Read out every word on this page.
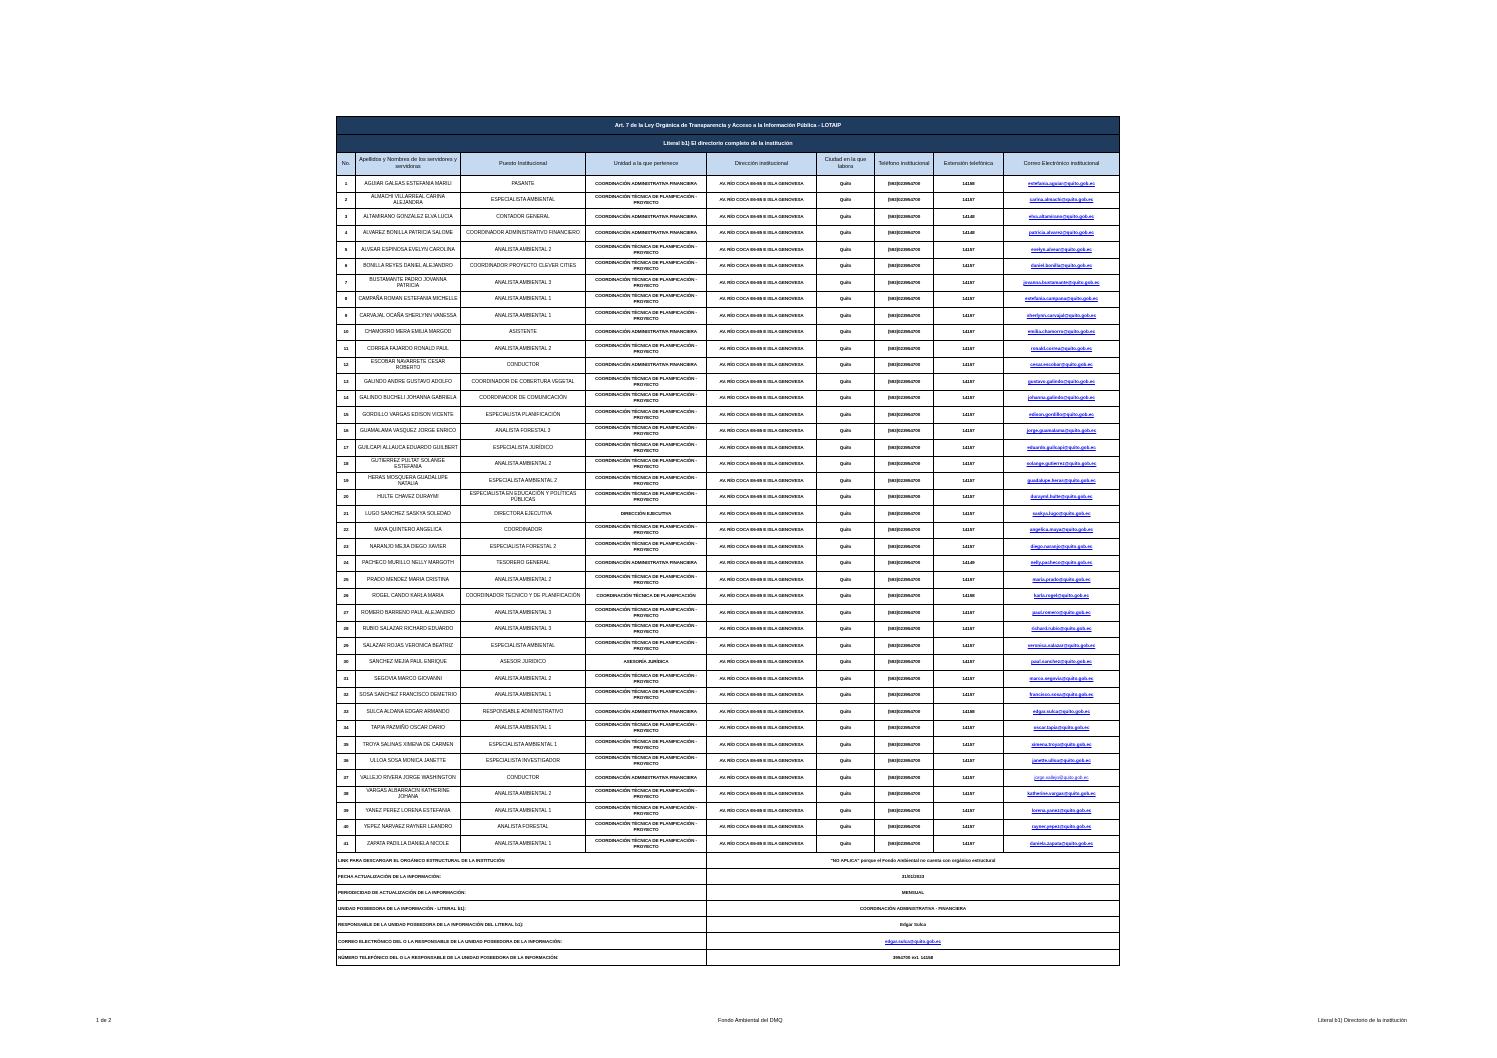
Art. 7 de la Ley Orgánica de Transparencia y Acceso a la Información Pública - LOTAIP								
Literal b1) El directorio completo de la institución								
No.	Apellidos y Nombres de los servidores y servidoras	Puesto Institucional	Unidad a la que pertenece	Dirección institucional	Ciudad en la que labora	Teléfono institucional	Extensión telefónica	Correo Electrónico institucional
1	AGUIAR GALEAS ESTEFANIA MARILI	PASANTE	COORDINACIÓN ADMINISTRATIVA FINANCIERA	AV. RÍO COCA E6-85 E ISLA GENOVESA	Quito	(593)023954700	14158	estefania.aguiar@quito.gob.ec
2	ALMACHI VILLARREAL CARINA ALEJANDRA	ESPECIALISTA AMBIENTAL	COORDINACIÓN TÉCNICA DE PLANIFICACIÓN - PROYECTO	AV. RÍO COCA E6-85 E ISLA GENOVESA	Quito	(593)023954700	14157	carina.almachi@quito.gob.ec
3	ALTAMIRANO GONZALEZ ELVA LUCIA	CONTADOR GENERAL	COORDINACIÓN ADMINISTRATIVA FINANCIERA	AV. RÍO COCA E6-85 E ISLA GENOVESA	Quito	(593)023954700	14148	elva.altamirano@quito.gob.ec
4	ALVAREZ BONILLA PATRICIA SALOME	COORDINADOR ADMINISTRATIVO FINANCIERO	COORDINACIÓN ADMINISTRATIVA FINANCIERA	AV. RÍO COCA E6-85 E ISLA GENOVESA	Quito	(593)023954700	14148	patricia.alvarez@quito.gob.ec
5	ALVEAR ESPINOSA EVELYN CAROLINA	ANALISTA AMBIENTAL 2	COORDINACIÓN TÉCNICA DE PLANIFICACIÓN - PROYECTO	AV. RÍO COCA E6-85 E ISLA GENOVESA	Quito	(593)023954700	14157	evelyn.alvear@quito.gob.ec
6	BONILLA REYES DANIEL ALEJANDRO	COORDINADOR PROYECTO CLEVER CITIES	COORDINACIÓN TÉCNICA DE PLANIFICACIÓN - PROYECTO	AV. RÍO COCA E6-85 E ISLA GENOVESA	Quito	(593)023954700	14157	daniel.bonilla@quito.gob.ec
7	BUSTAMANTE PADRO JOVANNA PATRICIA	ANALISTA AMBIENTAL 3	COORDINACIÓN TÉCNICA DE PLANIFICACIÓN - PROYECTO	AV. RÍO COCA E6-85 E ISLA GENOVESA	Quito	(593)023954700	14157	jovanna.bustamante@quito.gob.ec
8	CAMPAÑA ROMAN ESTEFANIA MICHELLE	ANALISTA AMBIENTAL 1	COORDINACIÓN TÉCNICA DE PLANIFICACIÓN - PROYECTO	AV. RÍO COCA E6-85 E ISLA GENOVESA	Quito	(593)023954700	14157	estefania.campana@quito.gob.ec
9	CARVAJAL OCAÑA SHERLYNN VANESSA	ANALISTA AMBIENTAL 1	COORDINACIÓN TÉCNICA DE PLANIFICACIÓN - PROYECTO	AV. RÍO COCA E6-85 E ISLA GENOVESA	Quito	(593)023954700	14157	sherlynn.carvajal@quito.gob.ec
10	CHAMORRO MERA EMILIA MARGOD	ASISTENTE	COORDINACIÓN ADMINISTRATIVA FINANCIERA	AV. RÍO COCA E6-85 E ISLA GENOVESA	Quito	(593)023954700	14157	emilia.chamorro@quito.gob.ec
11	CORREA FAJARDO RONALD PAUL	ANALISTA AMBIENTAL 2	COORDINACIÓN TÉCNICA DE PLANIFICACIÓN - PROYECTO	AV. RÍO COCA E6-85 E ISLA GENOVESA	Quito	(593)023954700	14157	ronald.correa@quito.gob.ec
12	ESCOBAR NAVARRETE CESAR ROBERTO	CONDUCTOR	COORDINACIÓN ADMINISTRATIVA FINANCIERA	AV. RÍO COCA E6-85 E ISLA GENOVESA	Quito	(593)023954700	14157	cesar.escobar@quito.gob.ec
13	GALINDO ANDRE GUSTAVO ADOLFO	COORDINADOR DE COBERTURA VEGETAL	COORDINACIÓN TÉCNICA DE PLANIFICACIÓN - PROYECTO	AV. RÍO COCA E6-85 E ISLA GENOVESA	Quito	(593)023954700	14157	gustavo.galindo@quito.gob.ec
14	GALINDO BUCHELI JOHANNA GABRIELA	COORDINADOR DE COMUNICACIÓN	COORDINACIÓN TÉCNICA DE PLANIFICACIÓN - PROYECTO	AV. RÍO COCA E6-85 E ISLA GENOVESA	Quito	(593)023954700	14157	johanna.galindo@quito.gob.ec
15	GORDILLO VARGAS EDISON VICENTE	ESPECIALISTA PLANIFICACIÓN	COORDINACIÓN TÉCNICA DE PLANIFICACIÓN - PROYECTO	AV. RÍO COCA E6-85 E ISLA GENOVESA	Quito	(593)023954700	14157	edison.gordillo@quito.gob.ec
16	GUAMALAMA VASQUEZ JORGE ENRICO	ANALISTA FORESTAL 3	COORDINACIÓN TÉCNICA DE PLANIFICACIÓN - PROYECTO	AV. RÍO COCA E6-85 E ISLA GENOVESA	Quito	(593)023954700	14157	jorge.guamalama@quito.gob.ec
17	GUILCAPI ALLAUCA EDUARDO GUILBERT	ESPECIALISTA JURÍDICO	COORDINACIÓN TÉCNICA DE PLANIFICACIÓN - PROYECTO	AV. RÍO COCA E6-85 E ISLA GENOVESA	Quito	(593)023954700	14157	eduardo.guilcapi@quito.gob.ec
18	GUTIERREZ PULTAT SOLANGE ESTEFANIA	ANALISTA AMBIENTAL 2	COORDINACIÓN TÉCNICA DE PLANIFICACIÓN - PROYECTO	AV. RÍO COCA E6-85 E ISLA GENOVESA	Quito	(593)023954700	14157	solange.gutierrez@quito.gob.ec
19	HERAS MOSQUERA GUADALUPE NATALIA	ESPECIALISTA AMBIENTAL 2	COORDINACIÓN TÉCNICA DE PLANIFICACIÓN - PROYECTO	AV. RÍO COCA E6-85 E ISLA GENOVESA	Quito	(593)023954700	14157	guadalupe.heras@quito.gob.ec
20	HULTE CHAVEZ DURAYMI	ESPECIALISTA EN EDUCACIÓN Y POLÍTICAS PÚBLICAS	COORDINACIÓN TÉCNICA DE PLANIFICACIÓN - PROYECTO	AV. RÍO COCA E6-85 E ISLA GENOVESA	Quito	(593)023954700	14157	durayml.hulte@quito.gob.ec
21	LUGO SANCHEZ SASKYA SOLEDAD	DIRECTORA EJECUTIVA	DIRECCIÓN EJECUTIVA	AV. RÍO COCA E6-85 E ISLA GENOVESA	Quito	(593)023954700	14157	saskya.lugo@quito.gob.ec
22	MAYA QUINTERO ANGELICA	COORDINADOR	COORDINACIÓN TÉCNICA DE PLANIFICACIÓN - PROYECTO	AV. RÍO COCA E6-85 E ISLA GENOVESA	Quito	(593)023954700	14157	angelica.maya@quito.gob.ec
23	NARANJO MEJIA DIEGO XAVIER	ESPECIALISTA FORESTAL 2	COORDINACIÓN TÉCNICA DE PLANIFICACIÓN - PROYECTO	AV. RÍO COCA E6-85 E ISLA GENOVESA	Quito	(593)023954700	14157	diego.naranjo@quito.gob.ec
24	PACHECO MURILLO NELLY MARGOTH	TESORERO GENERAL	COORDINACIÓN ADMINISTRATIVA FINANCIERA	AV. RÍO COCA E6-85 E ISLA GENOVESA	Quito	(593)023954700	14149	nelly.pacheco@quito.gob.ec
25	PRADO MENDEZ MARIA CRISTINA	ANALISTA AMBIENTAL 2	COORDINACIÓN TÉCNICA DE PLANIFICACIÓN - PROYECTO	AV. RÍO COCA E6-85 E ISLA GENOVESA	Quito	(593)023954700	14157	maria.prado@quito.gob.ec
26	ROGEL CANDO KARLA MARIA	COORDINADOR TECNICO Y DE PLANIFICACIÓN	COORDINACIÓN TÉCNICA DE PLANIFICACIÓN	AV. RÍO COCA E6-85 E ISLA GENOVESA	Quito	(593)023954700	14158	karla.rogel@quito.gob.ec
27	ROMERO BARRENO PAUL ALEJANDRO	ANALISTA AMBIENTAL 3	COORDINACIÓN TÉCNICA DE PLANIFICACIÓN - PROYECTO	AV. RÍO COCA E6-85 E ISLA GENOVESA	Quito	(593)023954700	14157	paul.romero@quito.gob.ec
28	RUBIO SALAZAR RICHARD EDUARDO	ANALISTA AMBIENTAL 3	COORDINACIÓN TÉCNICA DE PLANIFICACIÓN - PROYECTO	AV. RÍO COCA E6-85 E ISLA GENOVESA	Quito	(593)023954700	14157	richard.rubio@quito.gob.ec
29	SALAZAR ROJAS VERONICA BEATRIZ	ESPECIALISTA AMBIENTAL	COORDINACIÓN TÉCNICA DE PLANIFICACIÓN - PROYECTO	AV. RÍO COCA E6-85 E ISLA GENOVESA	Quito	(593)023954700	14157	veronica.salazar@quito.gob.ec
30	SANCHEZ MEJIA PAUL ENRIQUE	ASESOR JURIDICO	ASESORÍA JURÍDICA	AV. RÍO COCA E6-85 E ISLA GENOVESA	Quito	(593)023954700	14157	paul.sanchez@quito.gob.ec
31	SEGOVIA MARCO GIOVANNI	ANALISTA AMBIENTAL 2	COORDINACIÓN TÉCNICA DE PLANIFICACIÓN - PROYECTO	AV. RÍO COCA E6-85 E ISLA GENOVESA	Quito	(593)023954700	14157	marco.segovia@quito.gob.ec
32	SOSA SANCHEZ FRANCISCO DEMETRIO	ANALISTA AMBIENTAL 1	COORDINACIÓN TÉCNICA DE PLANIFICACIÓN - PROYECTO	AV. RÍO COCA E6-85 E ISLA GENOVESA	Quito	(593)023954700	14157	francisco.sosa@quito.gob.ec
33	SULCA ALDANA EDGAR ARMANDO	RESPONSABLE ADMINISTRATIVO	COORDINACIÓN ADMINISTRATIVA FINANCIERA	AV. RÍO COCA E6-85 E ISLA GENOVESA	Quito	(593)023954700	14158	edgar.sulca@quito.gob.ec
34	TAPIA PAZMIÑO OSCAR DARIO	ANALISTA AMBIENTAL 1	COORDINACIÓN TÉCNICA DE PLANIFICACIÓN - PROYECTO	AV. RÍO COCA E6-85 E ISLA GENOVESA	Quito	(593)023954700	14157	oscar.tapia@quito.gob.ec
35	TROYA SALINAS XIMENA DE CARMEN	ESPECIALISTA AMBIENTAL 1	COORDINACIÓN TÉCNICA DE PLANIFICACIÓN - PROYECTO	AV. RÍO COCA E6-85 E ISLA GENOVESA	Quito	(593)023954700	14157	ximena.troya@quito.gob.ec
36	ULLOA SOSA MONICA JANETTE	ESPECIALISTA INVESTIGADOR	COORDINACIÓN TÉCNICA DE PLANIFICACIÓN - PROYECTO	AV. RÍO COCA E6-85 E ISLA GENOVESA	Quito	(593)023954700	14157	janette.ulloa@quito.gob.ec
37	VALLEJO RIVERA JORGE WASHINGTON	CONDUCTOR	COORDINACIÓN ADMINISTRATIVA FINANCIERA	AV. RÍO COCA E6-85 E ISLA GENOVESA	Quito	(593)023954700	14157	jorge.vallejo@quito.gob.ec
38	VARGAS ALBARRACIN KATHERINE JOHANA	ANALISTA AMBIENTAL 2	COORDINACIÓN TÉCNICA DE PLANIFICACIÓN - PROYECTO	AV. RÍO COCA E6-85 E ISLA GENOVESA	Quito	(593)023954700	14157	katherine.vargas@quito.gob.ec
39	YANEZ PEREZ LORENA ESTEFANIA	ANALISTA AMBIENTAL 1	COORDINACIÓN TÉCNICA DE PLANIFICACIÓN - PROYECTO	AV. RÍO COCA E6-85 E ISLA GENOVESA	Quito	(593)023954700	14157	lorena.yanez@quito.gob.ec
40	YEPEZ NARVAEZ RAYNER LEANDRO	ANALISTA FORESTAL	COORDINACIÓN TÉCNICA DE PLANIFICACIÓN - PROYECTO	AV. RÍO COCA E6-85 E ISLA GENOVESA	Quito	(593)023954700	14157	rayner.yepez@quito.gob.ec
41	ZAPATA PADILLA DANIELA NICOLE	ANALISTA AMBIENTAL 1	COORDINACIÓN TÉCNICA DE PLANIFICACIÓN - PROYECTO	AV. RÍO COCA E6-85 E ISLA GENOVESA	Quito	(593)023954700	14157	daniela.zapata@quito.gob.ec
LINK PARA DESCARGAR EL ORGÁNICO ESTRUCTURAL DE LA INSTITUCIÓN				"NO APLICA" porque el Fondo Ambiental no cuenta con orgánico estructural				
FECHA ACTUALIZACIÓN DE LA INFORMACIÓN:				31/01/2023				
PERIODICIDAD DE ACTUALIZACIÓN DE LA INFORMACIÓN:				MENSUAL				
UNIDAD POSEEDORA DE LA INFORMACIÓN - LITERAL b1):				COORDINACIÓN ADMINISTRATIVA - FINANCIERA				
RESPONSABLE DE LA UNIDAD POSEEDORA DE LA INFORMACIÓN DEL LITERAL b1):				Edgar Sulca				
CORREO ELECTRÓNICO DEL O LA RESPONSABLE DE LA UNIDAD POSEEDORA DE LA INFORMACIÓN:				edgar.sulca@quito.gob.ec				
NÚMERO TELEFÓNICO DEL O LA RESPONSABLE DE LA UNIDAD POSEEDORA DE LA INFORMACIÓN:				3954700 ext. 14158				
1 de 2	Fondo Ambiental del DMQ	Literal b1) Directorio de la institución
